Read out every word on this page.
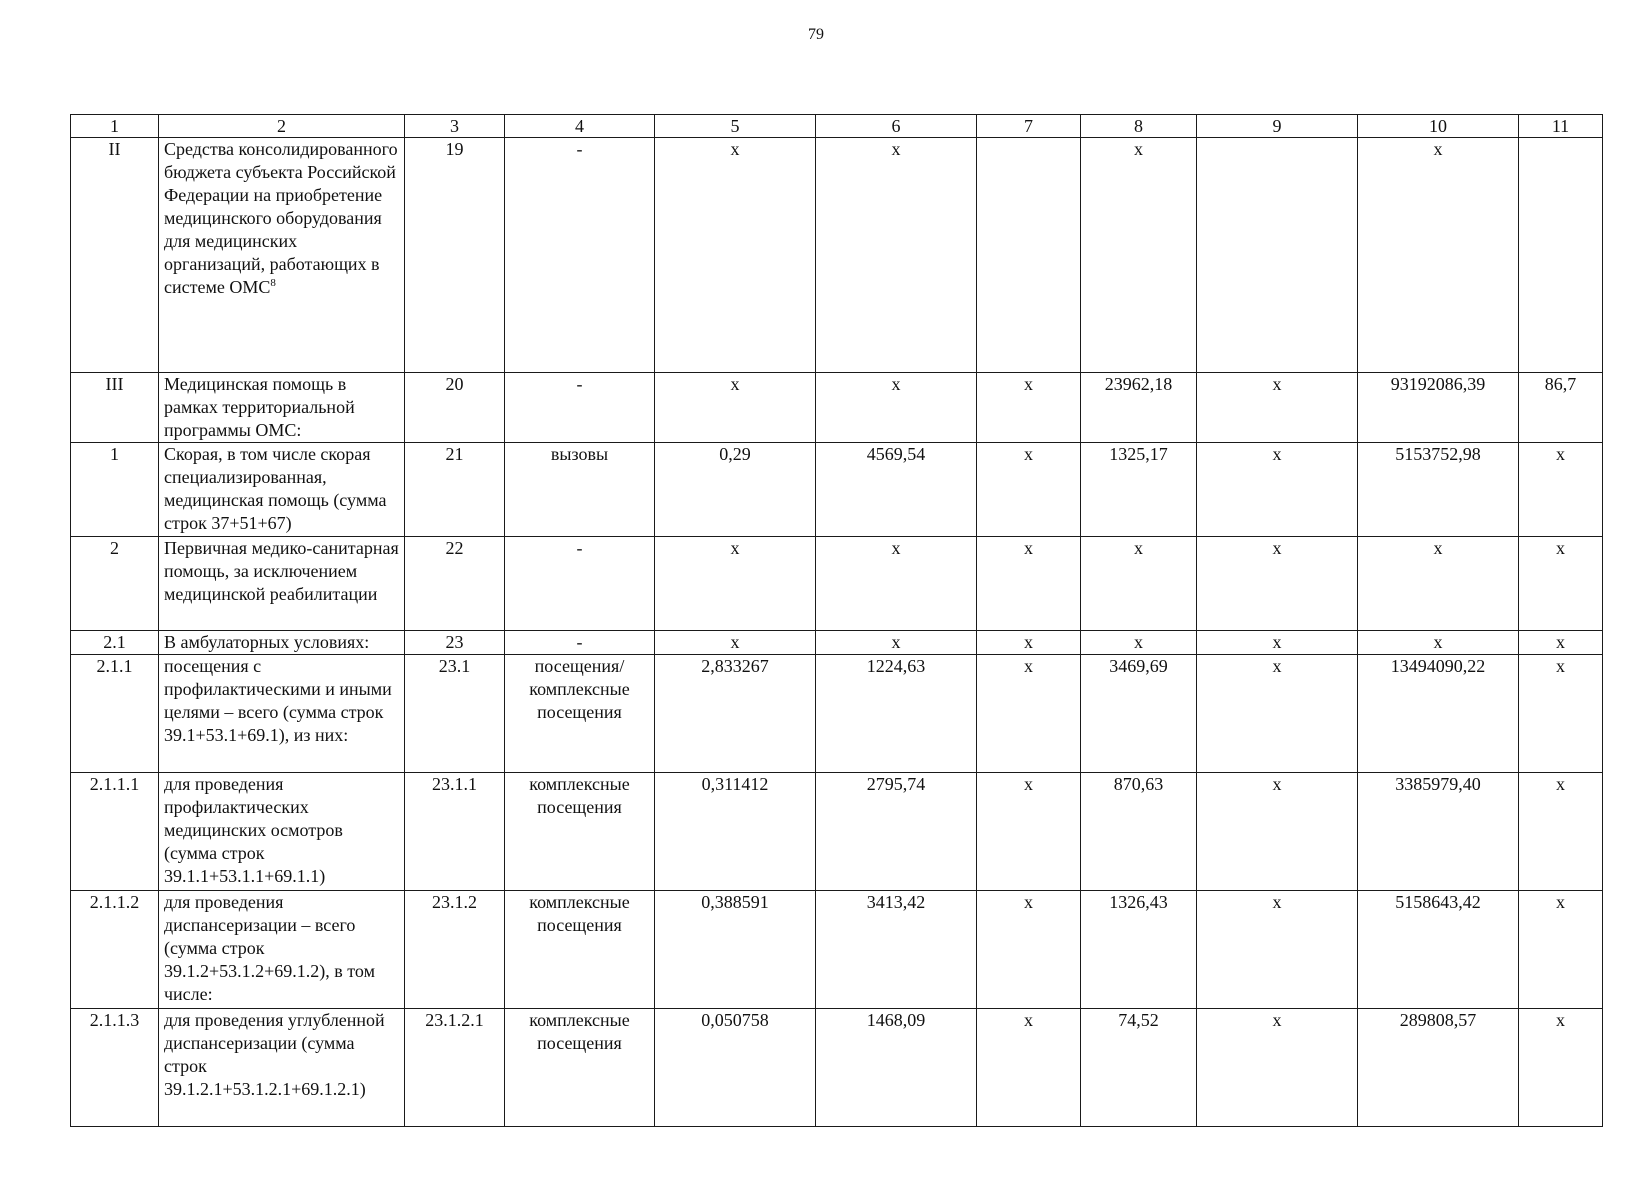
79
1	2	3	4	5	6	7	8	9	10	11
II	Средства консолидированного бюджета субъекта Российской Федерации на приобретение медицинского оборудования для медицинских организаций, работающих в системе ОМС$^8$	19	-	х	х		х		х	
III	Медицинская помощь в рамках территориальной программы ОМС:	20	-	х	х	х	23962,18	х	93192086,39	86,7
1	Скорая, в том числе скорая специализированная, медицинская помощь (сумма строк 37+51+67)	21	вызовы	0,29	4569,54	х	1325,17	х	5153752,98	х
2	Первичная медико-санитарная помощь, за исключением медицинской реабилитации	22	-	х	х	х	х	х	х	х
2.1	В амбулаторных условиях:	23	-	х	х	х	х	х	х	х
2.1.1	посещения с профилактическими и иными целями – всего (сумма строк 39.1+53.1+69.1), из них:	23.1	посещения/ комплексные посещения	2,833267	1224,63	х	3469,69	х	13494090,22	х
2.1.1.1	для проведения профилактических медицинских осмотров (сумма строк 39.1.1+53.1.1+69.1.1)	23.1.1	комплексные посещения	0,311412	2795,74	х	870,63	х	3385979,40	х
2.1.1.2	для проведения диспансеризации – всего (сумма строк 39.1.2+53.1.2+69.1.2), в том числе:	23.1.2	комплексные посещения	0,388591	3413,42	х	1326,43	х	5158643,42	х
2.1.1.3	для проведения углубленной диспансеризации (сумма строк 39.1.2.1+53.1.2.1+69.1.2.1)	23.1.2.1	комплексные посещения	0,050758	1468,09	х	74,52	х	289808,57	х
